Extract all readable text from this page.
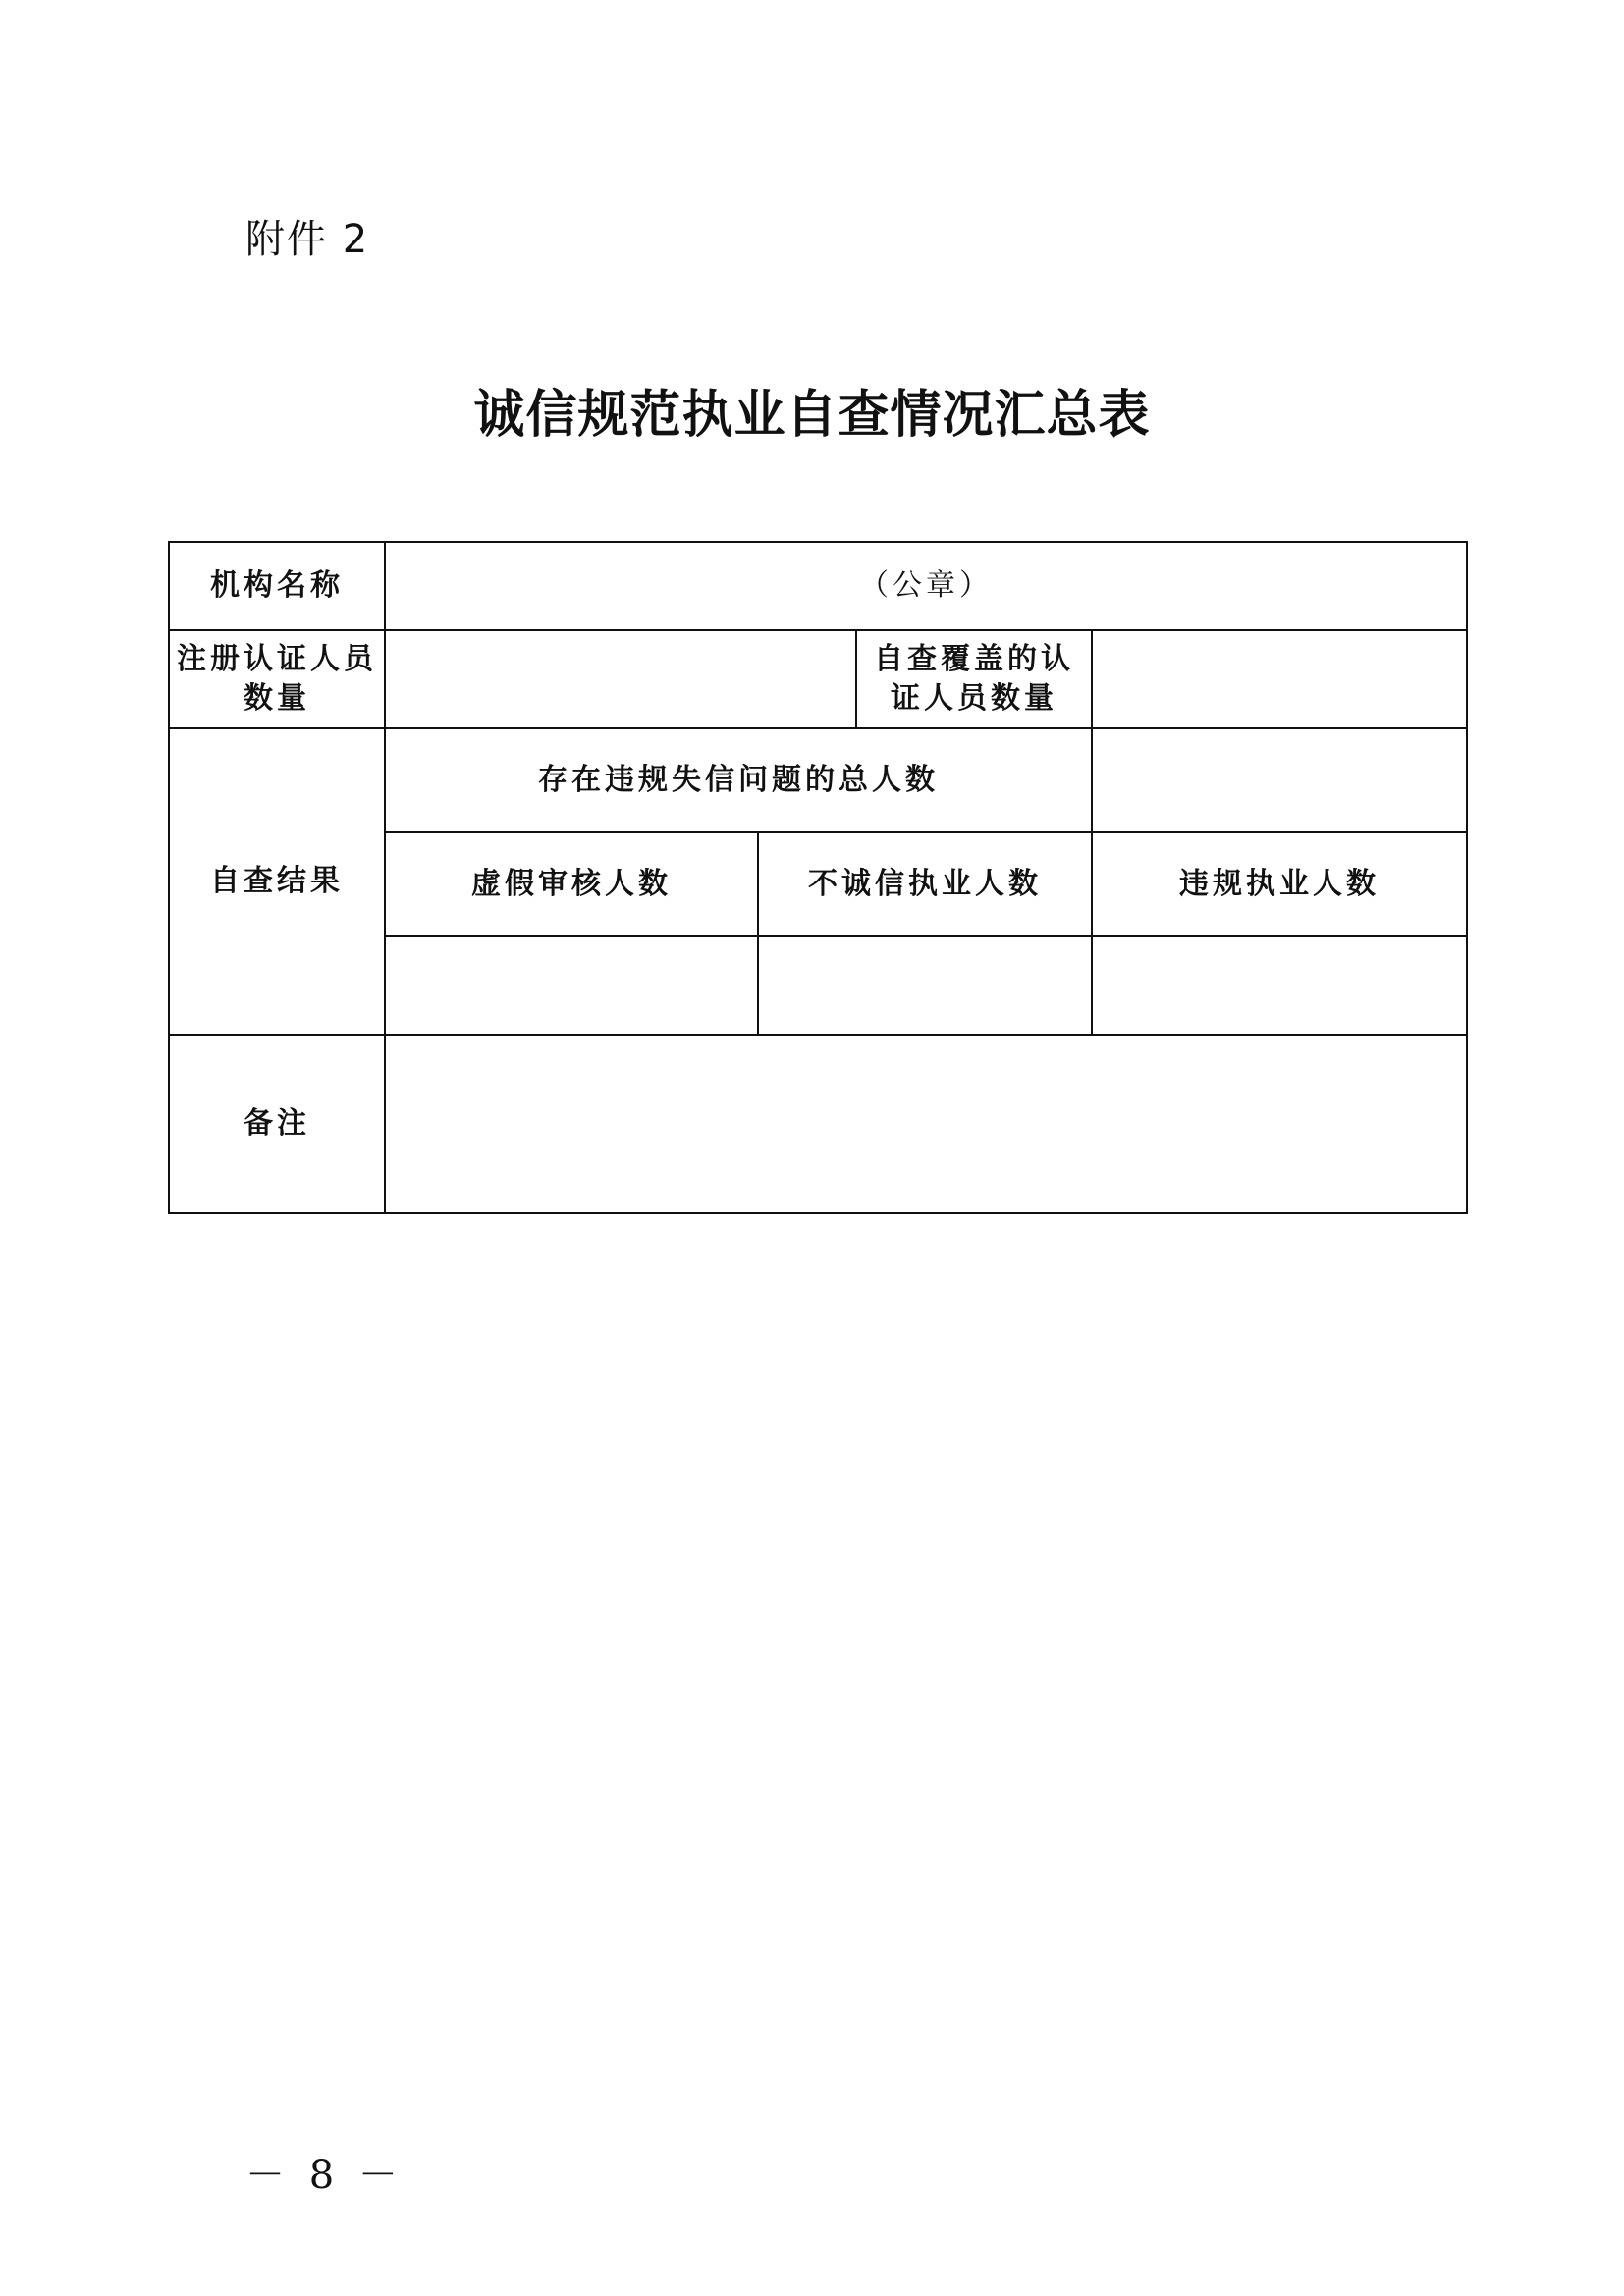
附件 2
诚信规范执业自查情况汇总表
机构名称	（公章）			
注册认证人员数量			自查覆盖的认证人员数量	
自查结果	存在违规失信问题的总人数			
	虚假审核人数	不诚信执业人数		违规执业人数

备注				
－ 8 －
